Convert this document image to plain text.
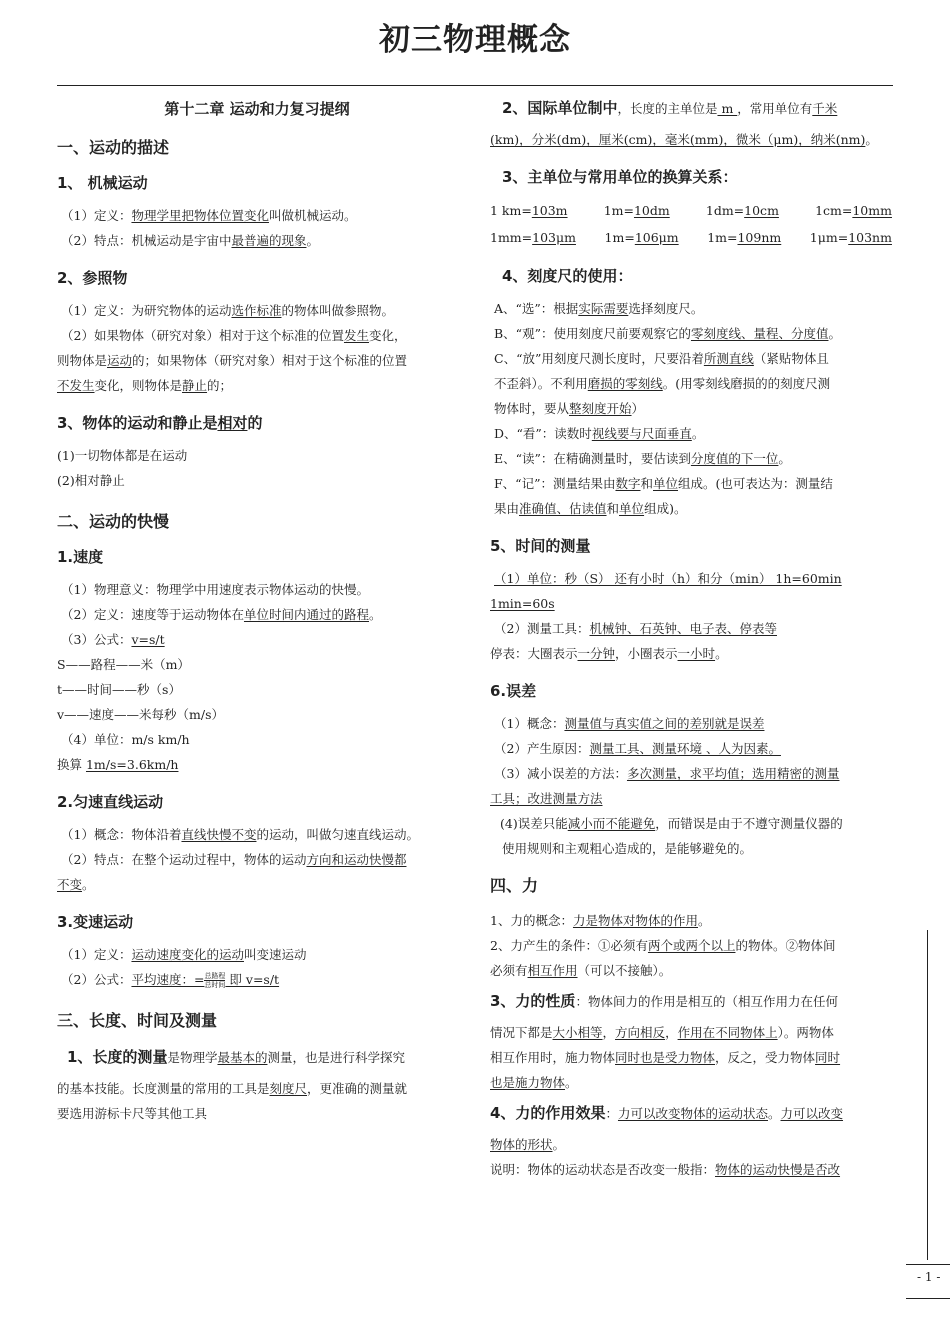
初三物理概念
第十二章 运动和力复习提纲
一、运动的描述
1、 机械运动
（1）定义：物理学里把物体位置变化叫做机械运动。
（2）特点：机械运动是宇宙中最普遍的现象。
2、参照物
（1）定义：为研究物体的运动选作标准的物体叫做参照物。
（2）如果物体（研究对象）相对于这个标准的位置发生变化，
则物体是运动的；如果物体（研究对象）相对于这个标准的位置
不发生变化，则物体是静止的；
3、物体的运动和静止是相对的
(1)一切物体都是在运动
(2)相对静止
二、运动的快慢
1.速度
（1）物理意义：物理学中用速度表示物体运动的快慢。
（2）定义：速度等于运动物体在单位时间内通过的路程。
（3）公式：v=s/t
S——路程——米（m）
t——时间——秒（s）
v——速度——米每秒（m/s）
（4）单位：m/s km/h
换算 1m/s=3.6km/h
2.匀速直线运动
（1）概念：物体沿着直线快慢不变的运动，叫做匀速直线运动。
（2）特点：在整个运动过程中，物体的运动方向和运动快慢都
不变。
3.变速运动
（1）定义：运动速度变化的运动叫变速运动
（2）公式：平均速度：= 总路程
总时间 即 v=s/t
三、长度、时间及测量
1、长度的测量是物理学最基本的测量，也是进行科学探究
的基本技能。长度测量的常用的工具是刻度尺，更准确的测量就
要选用游标卡尺等其他工具
2、国际单位制中，长度的主单位是 m ，常用单位有千米
(km)，分米(dm)，厘米(cm)，毫米(mm)，微米（μm)，纳米(nm)。
3、主单位与常用单位的换算关系：
1 km=103m	1m=10dm	1dm=10cm	1cm=10mm
1mm=103μm 1m=106μm 1m=109nm 1μm=103nm
4、刻度尺的使用：
A、“选”：根据实际需要选择刻度尺。
B、“观”：使用刻度尺前要观察它的零刻度线、量程、分度值。
C、“放”用刻度尺测长度时，尺要沿着所测直线（紧贴物体且
不歪斜）。不利用磨损的零刻线。(用零刻线磨损的的刻度尺测
物体时，要从整刻度开始）
D、“看”：读数时视线要与尺面垂直。
E、“读”：在精确测量时，要估读到分度值的下一位。
F、“记”：测量结果由数字和单位组成。(也可表达为：测量结
果由准确值、估读值和单位组成)。
5、时间的测量
（1）单位：秒（S） 还有小时（h）和分（min） 1h=60min
1min=60s
（2）测量工具：机械钟、石英钟、电子表、停表等
停表：大圈表示一分钟，小圈表示一小时。
6.误差
（1）概念：测量值与真实值之间的差别就是误差
（2）产生原因：测量工具、测量环境 、人为因素。
（3）减小误差的方法：多次测量，求平均值；选用精密的测量
工具；改进测量方法
(4)误差只能减小而不能避免，而错误是由于不遵守测量仪器的
使用规则和主观粗心造成的，是能够避免的。
四、力
1、力的概念：力是物体对物体的作用。
2、力产生的条件：①必须有两个或两个以上的物体。②物体间
必须有相互作用（可以不接触）。
3、力的性质：物体间力的作用是相互的（相互作用力在任何
情况下都是大小相等，方向相反，作用在不同物体上）。两物体
相互作用时，施力物体同时也是受力物体，反之，受力物体同时
也是施力物体。
4、力的作用效果：力可以改变物体的运动状态。力可以改变
物体的形状。
说明：物体的运动状态是否改变一般指：物体的运动快慢是否改
- 1 -
